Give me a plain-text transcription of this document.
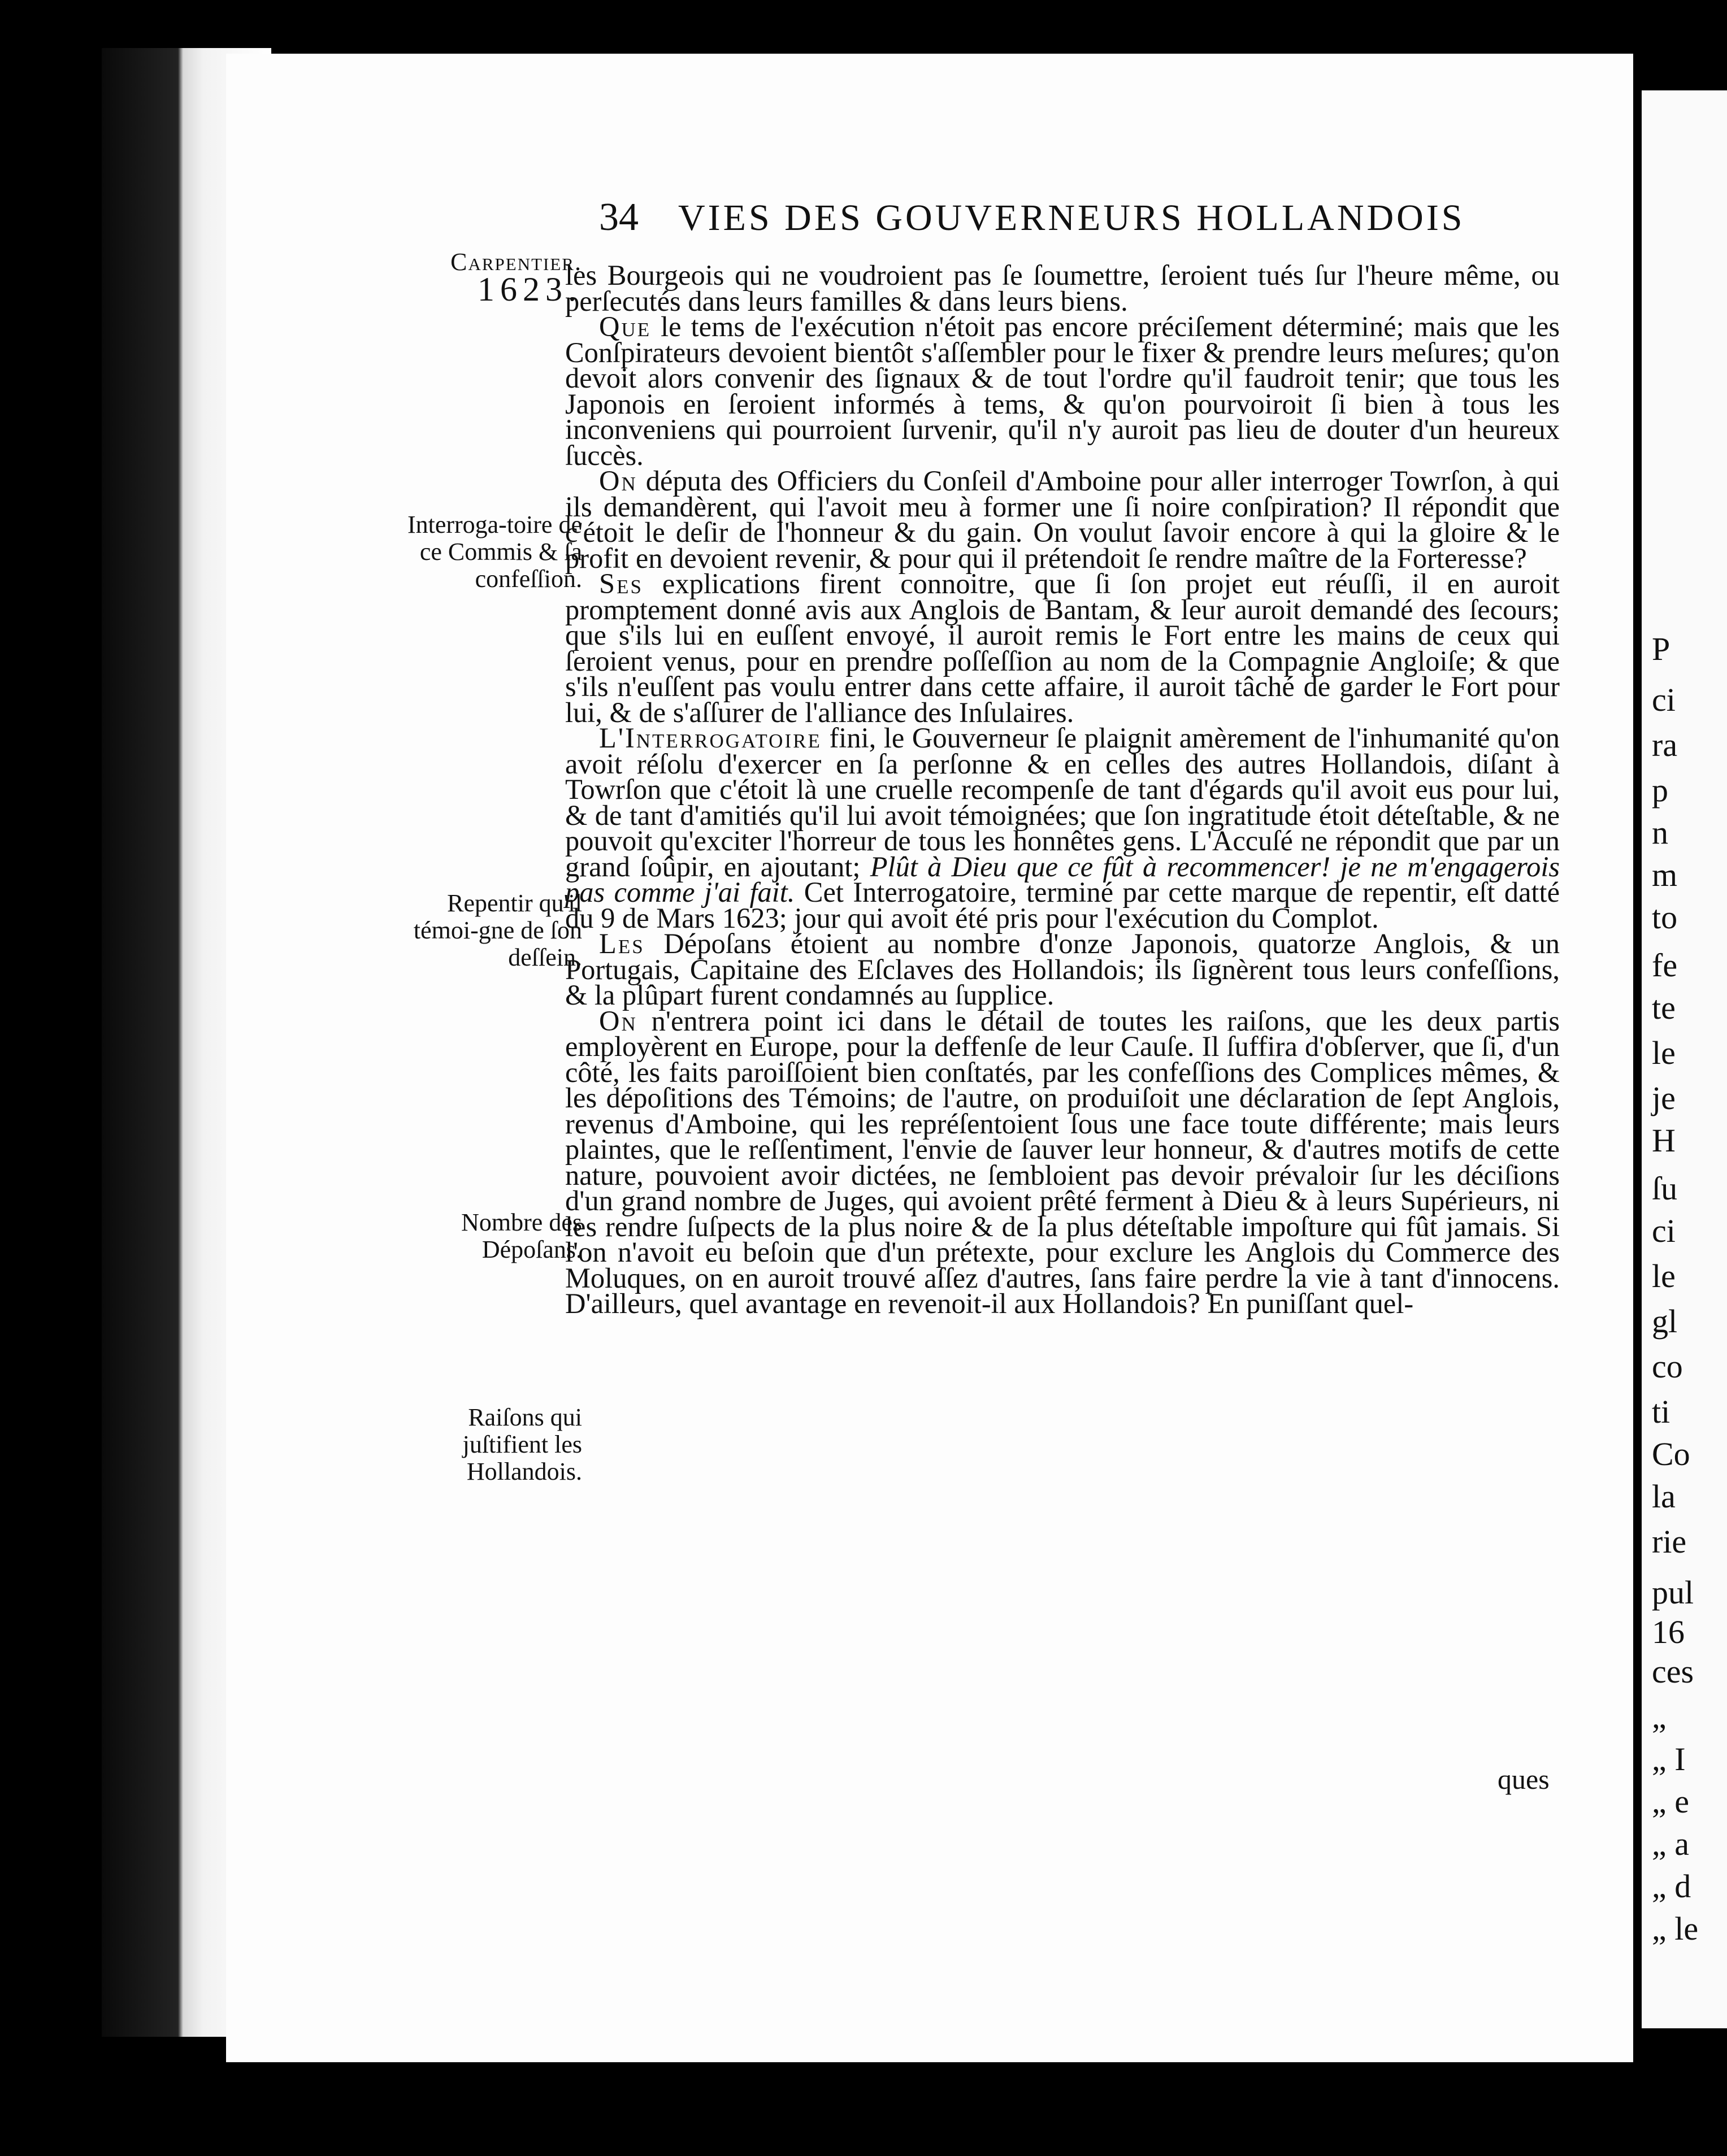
P
ci
ra
p
n
m
to
fe
te
le
je
H
ſu
ci
le
gl
co
ti
Co
la
rie
pul
16
ces
„
„ I
„ e
„ a
„ d
„ le
34 VIES DES GOUVERNEURS HOLLANDOIS
Carpentier.
1623.
Interroga-toire de ce Commis & ſa confeſſion.
Repentir qu'il témoi-gne de ſon deſſein.
Nombre des Dépoſans.
Raiſons qui juſtifient les Hollandois.

les Bourgeois qui ne voudroient pas ſe ſoumettre, ſeroient tués ſur l'heure même, ou perſecutés dans leurs familles & dans leurs biens.

Que le tems de l'exécution n'étoit pas encore préciſement déterminé; mais que les Conſpirateurs devoient bientôt s'aſſembler pour le fixer & prendre leurs meſures; qu'on devoit alors convenir des ſignaux & de tout l'ordre qu'il faudroit tenir; que tous les Japonois en ſeroient informés à tems, & qu'on pourvoiroit ſi bien à tous les inconveniens qui pourroient ſurvenir, qu'il n'y auroit pas lieu de douter d'un heureux ſuccès.

On députa des Officiers du Conſeil d'Amboine pour aller interroger Towrſon, à qui ils demandèrent, qui l'avoit meu à former une ſi noire conſpiration? Il répondit que c'étoit le deſir de l'honneur & du gain. On voulut ſavoir encore à qui la gloire & le profit en devoient revenir, & pour qui il prétendoit ſe rendre maître de la Forteresse?

Ses explications firent connoitre, que ſi ſon projet eut réuſſi, il en auroit promptement donné avis aux Anglois de Bantam, & leur auroit demandé des ſecours; que s'ils lui en euſſent envoyé, il auroit remis le Fort entre les mains de ceux qui ſeroient venus, pour en prendre poſſeſſion au nom de la Compagnie Angloiſe; & que s'ils n'euſſent pas voulu entrer dans cette affaire, il auroit tâché de garder le Fort pour lui, & de s'aſſurer de l'alliance des Inſulaires.

L'Interrogatoire fini, le Gouverneur ſe plaignit amèrement de l'inhumanité qu'on avoit réſolu d'exercer en ſa perſonne & en celles des autres Hollandois, diſant à Towrſon que c'étoit là une cruelle recompenſe de tant d'égards qu'il avoit eus pour lui, & de tant d'amitiés qu'il lui avoit témoignées; que ſon ingratitude étoit déteſtable, & ne pouvoit qu'exciter l'horreur de tous les honnêtes gens. L'Accuſé ne répondit que par un grand ſoûpir, en ajoutant; Plût à Dieu que ce fût à recommencer! je ne m'engagerois pas comme j'ai fait. Cet Interrogatoire, terminé par cette marque de repentir, eſt datté du 9 de Mars 1623; jour qui avoit été pris pour l'exécution du Complot.

Les Dépoſans étoient au nombre d'onze Japonois, quatorze Anglois, & un Portugais, Capitaine des Eſclaves des Hollandois; ils ſignèrent tous leurs confeſſions, & la plûpart furent condamnés au ſupplice.

On n'entrera point ici dans le détail de toutes les raiſons, que les deux partis employèrent en Europe, pour la deffenſe de leur Cauſe. Il ſuffira d'obſerver, que ſi, d'un côté, les faits paroiſſoient bien conſtatés, par les confeſſions des Complices mêmes, & les dépoſitions des Témoins; de l'autre, on produiſoit une déclaration de ſept Anglois, revenus d'Amboine, qui les repréſentoient ſous une face toute différente; mais leurs plaintes, que le reſſentiment, l'envie de ſauver leur honneur, & d'autres motifs de cette nature, pouvoient avoir dictées, ne ſembloient pas devoir prévaloir ſur les déciſions d'un grand nombre de Juges, qui avoient prêté ferment à Dieu & à leurs Supérieurs, ni les rendre ſuſpects de la plus noire & de la plus déteſtable impoſture qui fût jamais. Si l'on n'avoit eu beſoin que d'un prétexte, pour exclure les Anglois du Commerce des Moluques, on en auroit trouvé aſſez d'autres, ſans faire perdre la vie à tant d'innocens. D'ailleurs, quel avantage en revenoit-il aux Hollandois? En puniſſant quel-

ques
